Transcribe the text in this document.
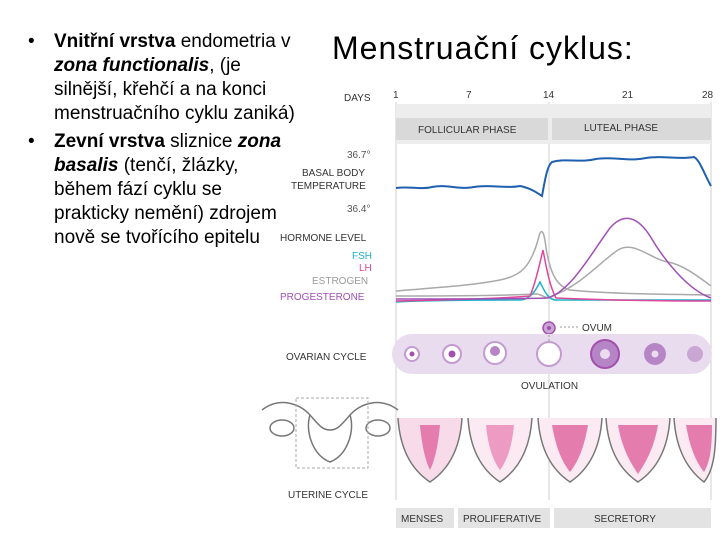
Menstruační cyklus:
• Vnitřní vrstva endometria v zona functionalis, (je silnější, křehčí a na konci menstruačního cyklu zaniká)
• Zevní vrstva sliznice zona basalis (tenčí, žlázky, během fází cyklu se prakticky nemění) zdrojem nově se tvořícího epitelu
DAYS 1	7	14	21	28
FOLLICULAR PHASE	LUTEAL PHASE
36.7°
BASAL BODY
TEMPERATURE
36.4°
HORMONE LEVEL
FSH
LH
ESTROGEN
PROGESTERONE
OVUM
OVARIAN CYCLE
OVULATION
UTERINE CYCLE
MENSES PROLIFERATIVE	SECRETORY
